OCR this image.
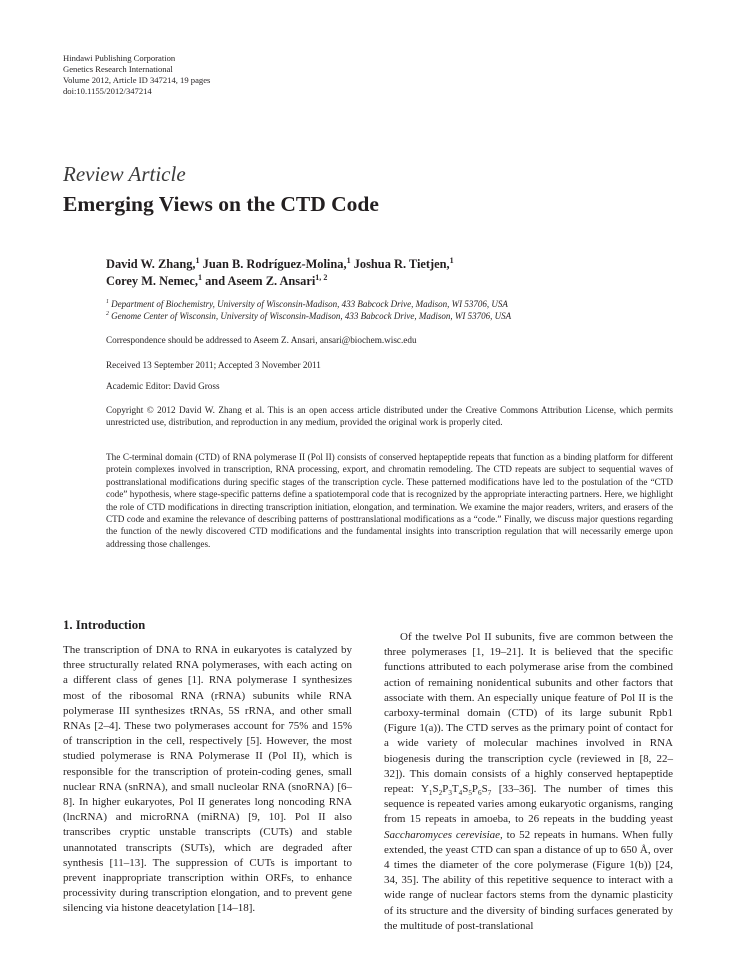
Hindawi Publishing Corporation
Genetics Research International
Volume 2012, Article ID 347214, 19 pages
doi:10.1155/2012/347214
Review Article
Emerging Views on the CTD Code
David W. Zhang,$^1$ Juan B. Rodríguez-Molina,$^1$ Joshua R. Tietjen,$^1$
Corey M. Nemec,$^1$ and Aseem Z. Ansari$^{1, 2}$
$^1$ Department of Biochemistry, University of Wisconsin-Madison, 433 Babcock Drive, Madison, WI 53706, USA
$^2$ Genome Center of Wisconsin, University of Wisconsin-Madison, 433 Babcock Drive, Madison, WI 53706, USA
Correspondence should be addressed to Aseem Z. Ansari, ansari@biochem.wisc.edu
Received 13 September 2011; Accepted 3 November 2011
Academic Editor: David Gross

Copyright © 2012 David W. Zhang et al. This is an open access article distributed under the Creative Commons Attribution License, which permits unrestricted use, distribution, and reproduction in any medium, provided the original work is properly cited.

The C-terminal domain (CTD) of RNA polymerase II (Pol II) consists of conserved heptapeptide repeats that function as a binding platform for different protein complexes involved in transcription, RNA processing, export, and chromatin remodeling. The CTD repeats are subject to sequential waves of posttranslational modifications during specific stages of the transcription cycle. These patterned modifications have led to the postulation of the “CTD code” hypothesis, where stage-specific patterns define a spatiotemporal code that is recognized by the appropriate interacting partners. Here, we highlight the role of CTD modifications in directing transcription initiation, elongation, and termination. We examine the major readers, writers, and erasers of the CTD code and examine the relevance of describing patterns of posttranslational modifications as a “code.” Finally, we discuss major questions regarding the function of the newly discovered CTD modifications and the fundamental insights into transcription regulation that will necessarily emerge upon addressing those challenges.

1. Introduction

The transcription of DNA to RNA in eukaryotes is catalyzed by three structurally related RNA polymerases, with each acting on a different class of genes [1]. RNA polymerase I synthesizes most of the ribosomal RNA (rRNA) subunits while RNA polymerase III synthesizes tRNAs, 5S rRNA, and other small RNAs [2–4]. These two polymerases account for 75% and 15% of transcription in the cell, respectively [5]. However, the most studied polymerase is RNA Polymerase II (Pol II), which is responsible for the transcription of protein-coding genes, small nuclear RNA (snRNA), and small nucleolar RNA (snoRNA) [6–8]. In higher eukaryotes, Pol II generates long noncoding RNA (lncRNA) and microRNA (miRNA) [9, 10]. Pol II also transcribes cryptic unstable transcripts (CUTs) and stable unannotated transcripts (SUTs), which are degraded after synthesis [11–13]. The suppression of CUTs is important to prevent inappropriate transcription within ORFs, to enhance processivity during transcription elongation, and to prevent gene silencing via histone deacetylation [14–18].

Of the twelve Pol II subunits, five are common between the three polymerases [1, 19–21]. It is believed that the specific functions attributed to each polymerase arise from the combined action of remaining nonidentical subunits and other factors that associate with them. An especially unique feature of Pol II is the carboxy-terminal domain (CTD) of its large subunit Rpb1 (Figure 1(a)). The CTD serves as the primary point of contact for a wide variety of molecular machines involved in RNA biogenesis during the transcription cycle (reviewed in [8, 22–32]). This domain consists of a highly conserved heptapeptide repeat: $Y_1S_2P_3T_4S_5P_6S_7$ [33–36]. The number of times this sequence is repeated varies among eukaryotic organisms, ranging from 15 repeats in amoeba, to 26 repeats in the budding yeast Saccharomyces cerevisiae, to 52 repeats in humans. When fully extended, the yeast CTD can span a distance of up to 650 Å, over 4 times the diameter of the core polymerase (Figure 1(b)) [24, 34, 35]. The ability of this repetitive sequence to interact with a wide range of nuclear factors stems from the dynamic plasticity of its structure and the diversity of binding surfaces generated by the multitude of post-translational
